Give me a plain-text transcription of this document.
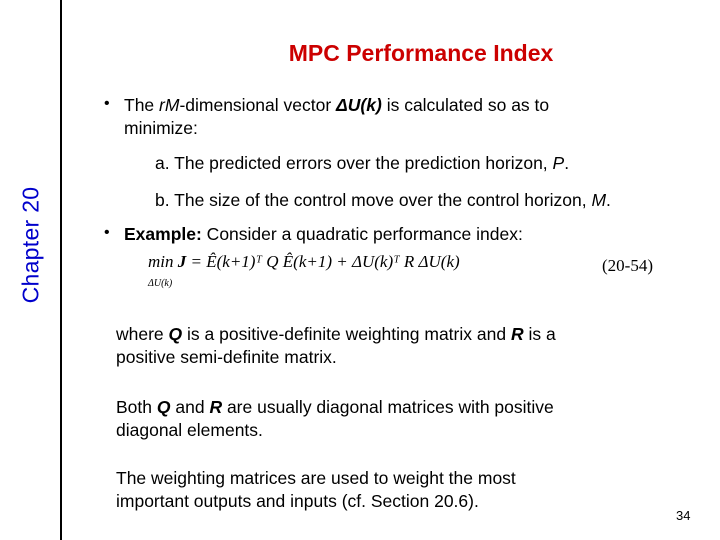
Chapter 20
MPC Performance Index
• The rM-dimensional vector ΔU(k) is calculated so as to
minimize:
a. The predicted errors over the prediction horizon, P.
b. The size of the control move over the control horizon, M.
• Example: Consider a quadratic performance index:
min J = Ê(k+1)ᵀ Q Ê(k+1) + ΔU(k)ᵀ R ΔU(k)
ΔU(k)
(20-54)
where Q is a positive-definite weighting matrix and R is a
positive semi-definite matrix.
Both Q and R are usually diagonal matrices with positive
diagonal elements.
The weighting matrices are used to weight the most
important outputs and inputs (cf. Section 20.6).
34
